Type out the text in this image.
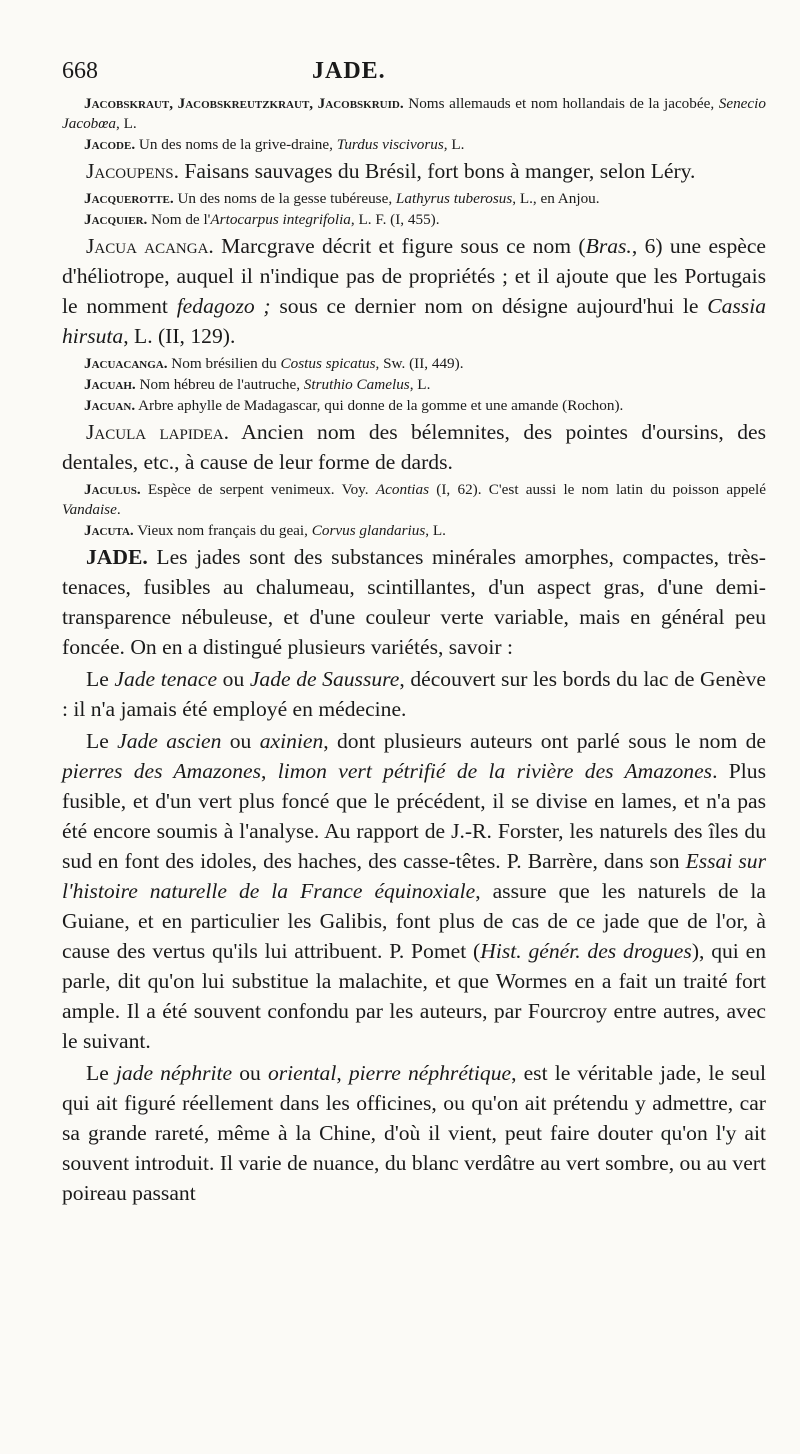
668	JADE.

Jacobskraut, Jacobskreutzkraut, Jacobskruid. Noms allemauds et nom hollandais de la jacobée, Senecio Jacobœa, L.

Jacode. Un des noms de la grive-draine, Turdus viscivorus, L.

Jacoupens. Faisans sauvages du Brésil, fort bons à manger, selon Léry.

Jacquerotte. Un des noms de la gesse tubéreuse, Lathyrus tuberosus, L., en Anjou.

Jacquier. Nom de l'Artocarpus integrifolia, L. F. (I, 455).

Jacua acanga. Marcgrave décrit et figure sous ce nom (Bras., 6) une espèce d'héliotrope, auquel il n'indique pas de propriétés ; et il ajoute que les Portugais le nomment fedagozo ; sous ce dernier nom on désigne aujourd'hui le Cassia hirsuta, L. (II, 129).

Jacuacanga. Nom brésilien du Costus spicatus, Sw. (II, 449).

Jacuah. Nom hébreu de l'autruche, Struthio Camelus, L.

Jacuan. Arbre aphylle de Madagascar, qui donne de la gomme et une amande (Rochon).

Jacula lapidea. Ancien nom des bélemnites, des pointes d'oursins, des dentales, etc., à cause de leur forme de dards.

Jaculus. Espèce de serpent venimeux. Voy. Acontias (I, 62). C'est aussi le nom latin du poisson appelé Vandaise.

Jacuta. Vieux nom français du geai, Corvus glandarius, L.

JADE. Les jades sont des substances minérales amorphes, compactes, très-tenaces, fusibles au chalumeau, scintillantes, d'un aspect gras, d'une demi-transparence nébuleuse, et d'une couleur verte variable, mais en général peu foncée. On en a distingué plusieurs variétés, savoir :

Le Jade tenace ou Jade de Saussure, découvert sur les bords du lac de Genève : il n'a jamais été employé en médecine.

Le Jade ascien ou axinien, dont plusieurs auteurs ont parlé sous le nom de pierres des Amazones, limon vert pétrifié de la rivière des Amazones. Plus fusible, et d'un vert plus foncé que le précédent, il se divise en lames, et n'a pas été encore soumis à l'analyse. Au rapport de J.-R. Forster, les naturels des îles du sud en font des idoles, des haches, des casse-têtes. P. Barrère, dans son Essai sur l'histoire naturelle de la France équinoxiale, assure que les naturels de la Guiane, et en particulier les Galibis, font plus de cas de ce jade que de l'or, à cause des vertus qu'ils lui attribuent. P. Pomet (Hist. génér. des drogues), qui en parle, dit qu'on lui substitue la malachite, et que Wormes en a fait un traité fort ample. Il a été souvent confondu par les auteurs, par Fourcroy entre autres, avec le suivant.

Le jade néphrite ou oriental, pierre néphrétique, est le véritable jade, le seul qui ait figuré réellement dans les officines, ou qu'on ait prétendu y admettre, car sa grande rareté, même à la Chine, d'où il vient, peut faire douter qu'on l'y ait souvent introduit. Il varie de nuance, du blanc verdâtre au vert sombre, ou au vert poireau passant
